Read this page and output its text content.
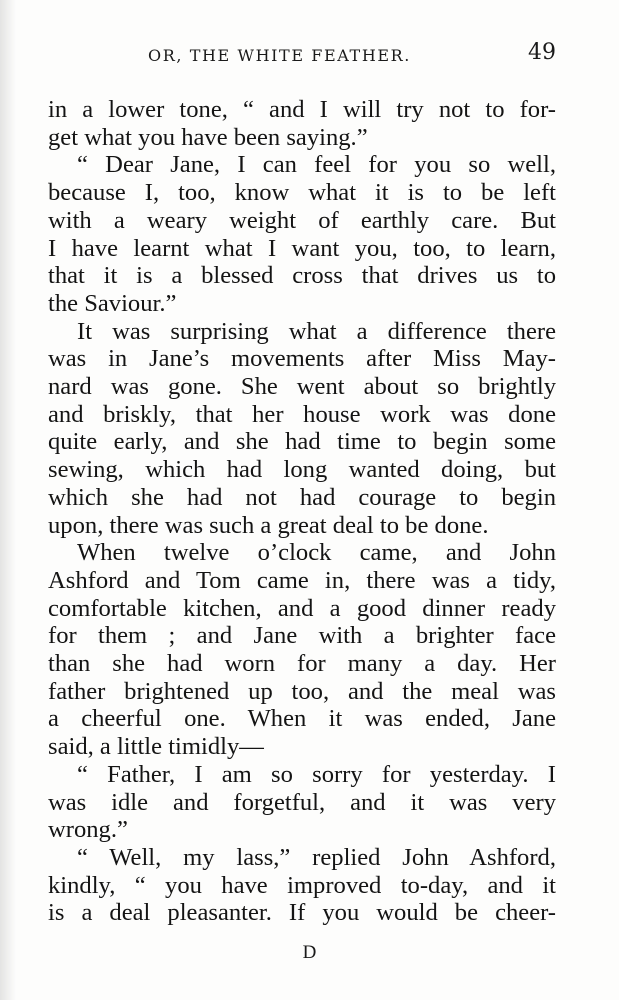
OR, THE WHITE FEATHER.	49
in a lower tone, “ and I will try not to for-
get what you have been saying.”
“ Dear Jane, I can feel for you so well,
because I, too, know what it is to be left
with a weary weight of earthly care. But
I have learnt what I want you, too, to learn,
that it is a blessed cross that drives us to
the Saviour.”
It was surprising what a difference there
was in Jane’s movements after Miss May-
nard was gone. She went about so brightly
and briskly, that her house work was done
quite early, and she had time to begin some
sewing, which had long wanted doing, but
which she had not had courage to begin
upon, there was such a great deal to be done.
When twelve o’clock came, and John
Ashford and Tom came in, there was a tidy,
comfortable kitchen, and a good dinner ready
for them ; and Jane with a brighter face
than she had worn for many a day. Her
father brightened up too, and the meal was
a cheerful one. When it was ended, Jane
said, a little timidly—
“ Father, I am so sorry for yesterday. I
was idle and forgetful, and it was very
wrong.”
“ Well, my lass,” replied John Ashford,
kindly, “ you have improved to-day, and it
is a deal pleasanter. If you would be cheer-
D
